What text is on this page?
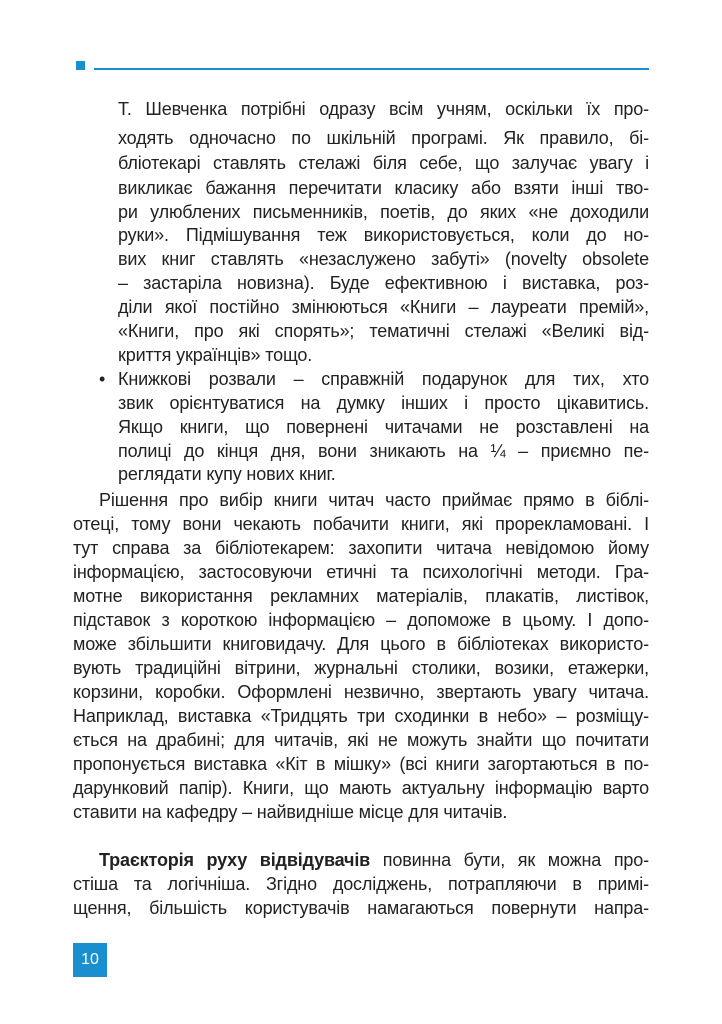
Т. Шевченка потрібні одразу всім учням, оскільки їх про-
ходять одночасно по шкільній програмі. Як правило, бі-
бліотекарі ставлять стелажі біля себе, що залучає увагу і
викликає бажання перечитати класику або взяти інші тво-
ри улюблених письменників, поетів, до яких «не доходили
руки». Підмішування теж використовується, коли до но-
вих книг ставлять «незаслужено забуті» (novelty obsolete
– застаріла новизна). Буде ефективною і виставка, роз-
діли якої постійно змінюються «Книги – лауреати премій»,
«Книги, про які спорять»; тематичні стелажі «Великі від-
криття українців» тощо.
• Книжкові розвали – справжній подарунок для тих, хто
звик орієнтуватися на думку інших і просто цікавитись.
Якщо книги, що повернені читачами не розставлені на
полиці до кінця дня, вони зникають на ¼ – приємно пе-
реглядати купу нових книг.
Рішення про вибір книги читач часто приймає прямо в біблі-
отеці, тому вони чекають побачити книги, які прорекламовані. І
тут справа за бібліотекарем: захопити читача невідомою йому
інформацією, застосовуючи етичні та психологічні методи. Гра-
мотне використання рекламних матеріалів, плакатів, листівок,
підставок з короткою інформацією – допоможе в цьому. І допо-
може збільшити книговидачу. Для цього в бібліотеках використо-
вують традиційні вітрини, журнальні столики, возики, етажерки,
корзини, коробки. Оформлені незвично, звертають увагу читача.
Наприклад, виставка «Тридцять три сходинки в небо» – розміщу-
ється на драбині; для читачів, які не можуть знайти що почитати
пропонується виставка «Кіт в мішку» (всі книги загортаються в по-
дарунковий папір). Книги, що мають актуальну інформацію варто
ставити на кафедру – найвидніше місце для читачів.
Траєкторія руху відвідувачів повинна бути, як можна про-
стіша та логічніша. Згідно досліджень, потрапляючи в примі-
щення, більшість користувачів намагаються повернути напра-
10
